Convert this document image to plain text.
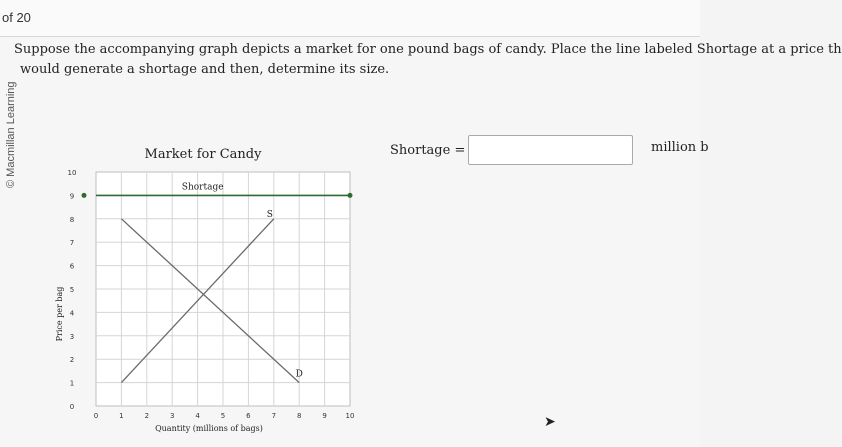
of 20
© Macmillan Learning
Suppose the accompanying graph depicts a market for one pound bags of candy. Place the line labeled Shortage at a price th
would generate a shortage and then, determine its size.
0	1	2	3	4	5	6	7	8	9	10
0
1
2
3
4
5
6
7
8
9
10
Market for Candy
Quantity (millions of bags)
Price per bag
S
D
Shortage
Shortage =	million b
➤
